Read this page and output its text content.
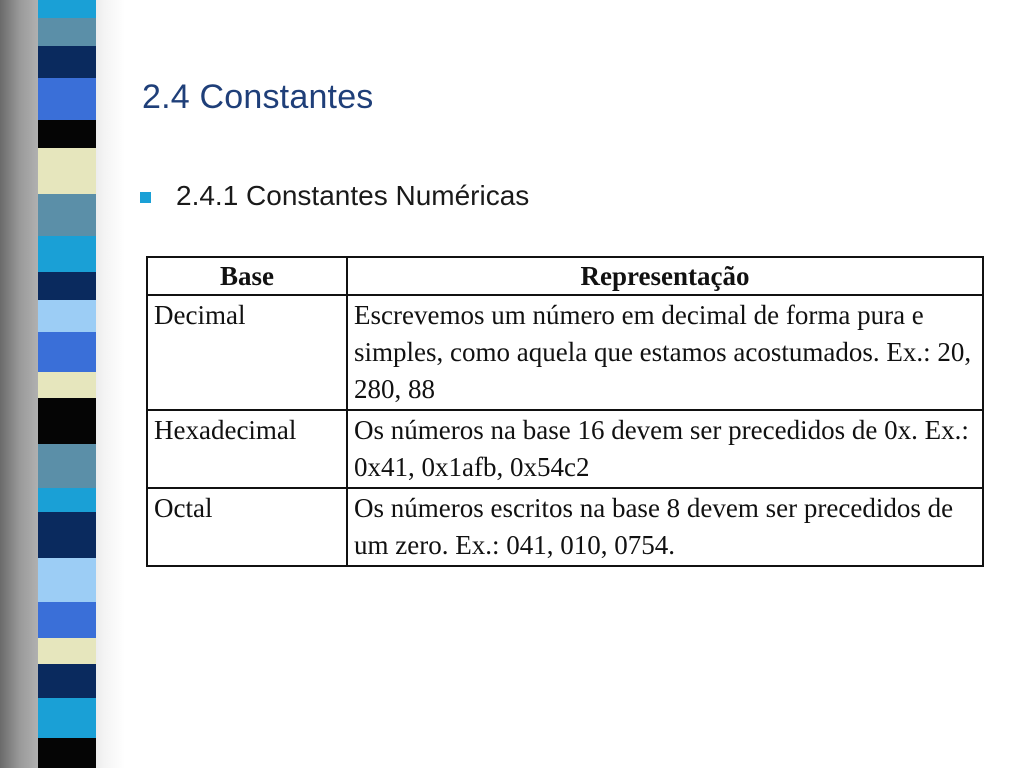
2.4 Constantes
2.4.1 Constantes Numéricas
Base	Representação
Decimal	Escrevemos um número em decimal de forma pura e simples, como aquela que estamos acostumados. Ex.: 20, 280, 88
Hexadecimal	Os números na base 16 devem ser precedidos de 0x. Ex.: 0x41, 0x1afb, 0x54c2
Octal	Os números escritos na base 8 devem ser precedidos de um zero. Ex.: 041, 010, 0754.
